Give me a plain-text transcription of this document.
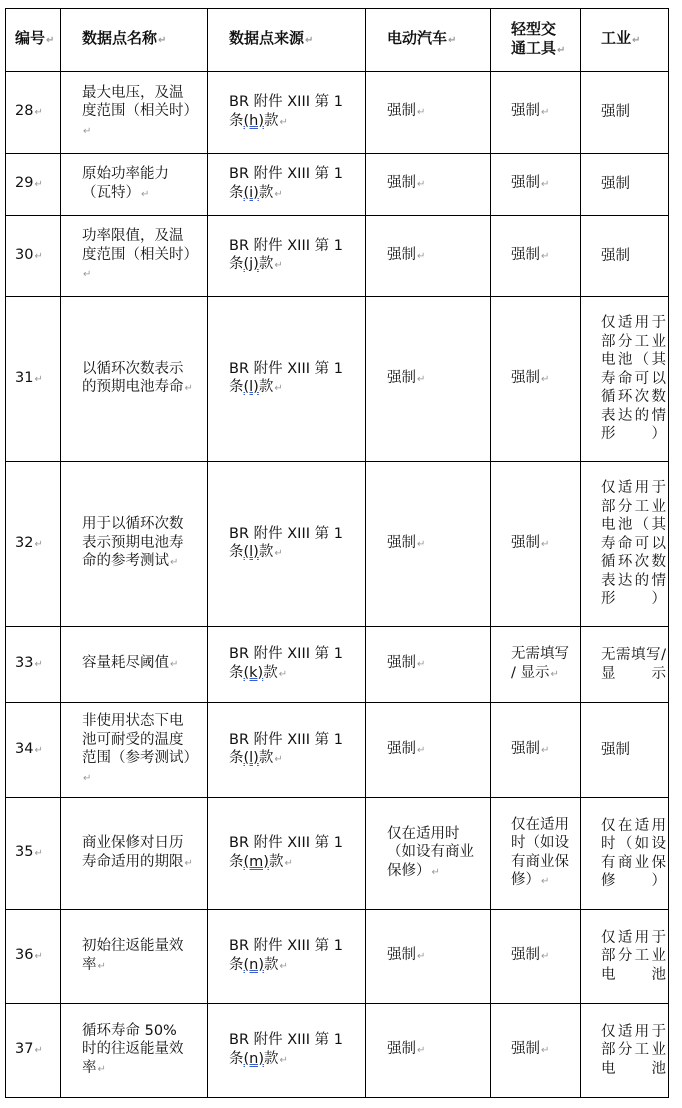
编号↵	数据点名称↵	数据点来源↵	电动汽车↵	轻型交通工具↵	工业↵
28↵	最大电压，及温度范围（相关时）↵	BR 附件 XIII 第 1 条(h)款↵	强制↵	强制↵	强制
29↵	原始功率能力（瓦特）↵	BR 附件 XIII 第 1 条(i)款↵	强制↵	强制↵	强制
30↵	功率限值，及温度范围（相关时）↵	BR 附件 XIII 第 1 条(j)款↵	强制↵	强制↵	强制
31↵	以循环次数表示的预期电池寿命↵	BR 附件 XIII 第 1 条(l)款↵	强制↵	强制↵	仅适用于部分工业电池（其寿命可以循环次数表达的情形）
32↵	用于以循环次数表示预期电池寿命的参考测试↵	BR 附件 XIII 第 1 条(l)款↵	强制↵	强制↵	仅适用于部分工业电池（其寿命可以循环次数表达的情形）
33↵	容量耗尽阈值↵	BR 附件 XIII 第 1 条(k)款↵	强制↵	无需填写 / 显示↵	无需填写/显示
34↵	非使用状态下电池可耐受的温度范围（参考测试）↵	BR 附件 XIII 第 1 条(l)款↵	强制↵	强制↵	强制
35↵	商业保修对日历寿命适用的期限↵	BR 附件 XIII 第 1 条(m)款↵	仅在适用时（如设有商业保修）↵	仅在适用时（如设有商业保修）↵	仅在适用时（如设有商业保修）
36↵	初始往返能量效率↵	BR 附件 XIII 第 1 条(n)款↵	强制↵	强制↵	仅适用于部分工业电池
37↵	循环寿命 50% 时的往返能量效率↵	BR 附件 XIII 第 1 条(n)款↵	强制↵	强制↵	仅适用于部分工业电池
